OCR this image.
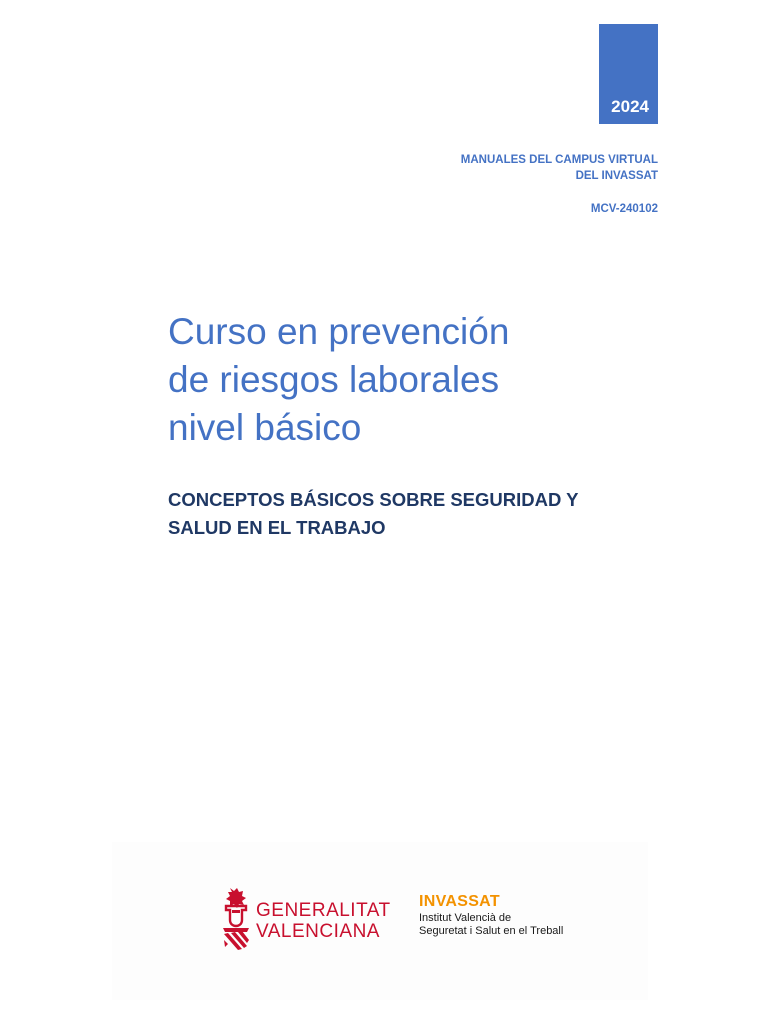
2024
MANUALES DEL CAMPUS VIRTUAL
DEL INVASSAT
MCV-240102
Curso en prevención
de riesgos laborales
nivel básico
CONCEPTOS BÁSICOS SOBRE SEGURIDAD Y
SALUD EN EL TRABAJO
GENERALITAT
VALENCIANA
INVASSAT
Institut Valencià de
Seguretat i Salut en el Treball
